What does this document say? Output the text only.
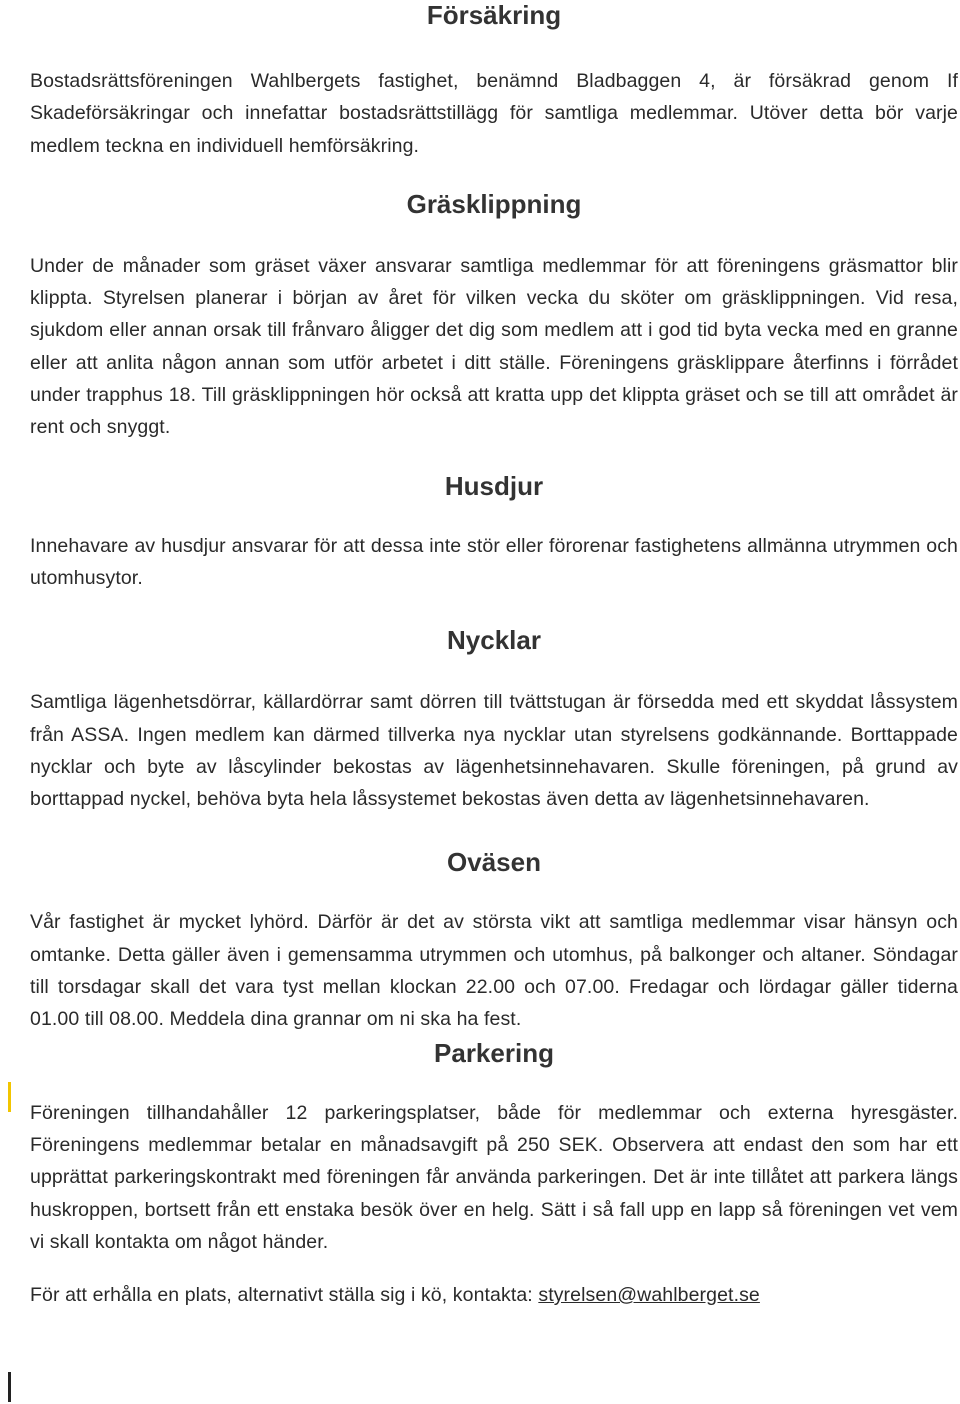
Försäkring

Bostadsrättsföreningen Wahlbergets fastighet, benämnd Bladbaggen 4, är försäkrad genom If Skadeförsäkringar och innefattar bostadsrättstillägg för samtliga medlemmar. Utöver detta bör varje medlem teckna en individuell hemförsäkring.

Gräsklippning

Under de månader som gräset växer ansvarar samtliga medlemmar för att föreningens gräsmattor blir klippta. Styrelsen planerar i början av året för vilken vecka du sköter om gräsklippningen. Vid resa, sjukdom eller annan orsak till frånvaro åligger det dig som medlem att i god tid byta vecka med en granne eller att anlita någon annan som utför arbetet i ditt ställe. Föreningens gräsklippare återfinns i förrådet under trapphus 18. Till gräsklippningen hör också att kratta upp det klippta gräset och se till att området är rent och snyggt.

Husdjur

Innehavare av husdjur ansvarar för att dessa inte stör eller förorenar fastighetens allmänna utrymmen och utomhusytor.

Nycklar

Samtliga lägenhetsdörrar, källardörrar samt dörren till tvättstugan är försedda med ett skyddat låssystem från ASSA. Ingen medlem kan därmed tillverka nya nycklar utan styrelsens godkännande. Borttappade nycklar och byte av låscylinder bekostas av lägenhetsinnehavaren. Skulle föreningen, på grund av borttappad nyckel, behöva byta hela låssystemet bekostas även detta av lägenhetsinnehavaren.

Oväsen

Vår fastighet är mycket lyhörd. Därför är det av största vikt att samtliga medlemmar visar hänsyn och omtanke. Detta gäller även i gemensamma utrymmen och utomhus, på balkonger och altaner. Söndagar till torsdagar skall det vara tyst mellan klockan 22.00 och 07.00. Fredagar och lördagar gäller tiderna 01.00 till 08.00. Meddela dina grannar om ni ska ha fest.

Parkering

Föreningen tillhandahåller 12 parkeringsplatser, både för medlemmar och externa hyresgäster. Föreningens medlemmar betalar en månadsavgift på 250 SEK. Observera att endast den som har ett upprättat parkeringskontrakt med föreningen får använda parkeringen. Det är inte tillåtet att parkera längs huskroppen, bortsett från ett enstaka besök över en helg. Sätt i så fall upp en lapp så föreningen vet vem vi skall kontakta om något händer.

För att erhålla en plats, alternativt ställa sig i kö, kontakta: styrelsen@wahlberget.se
